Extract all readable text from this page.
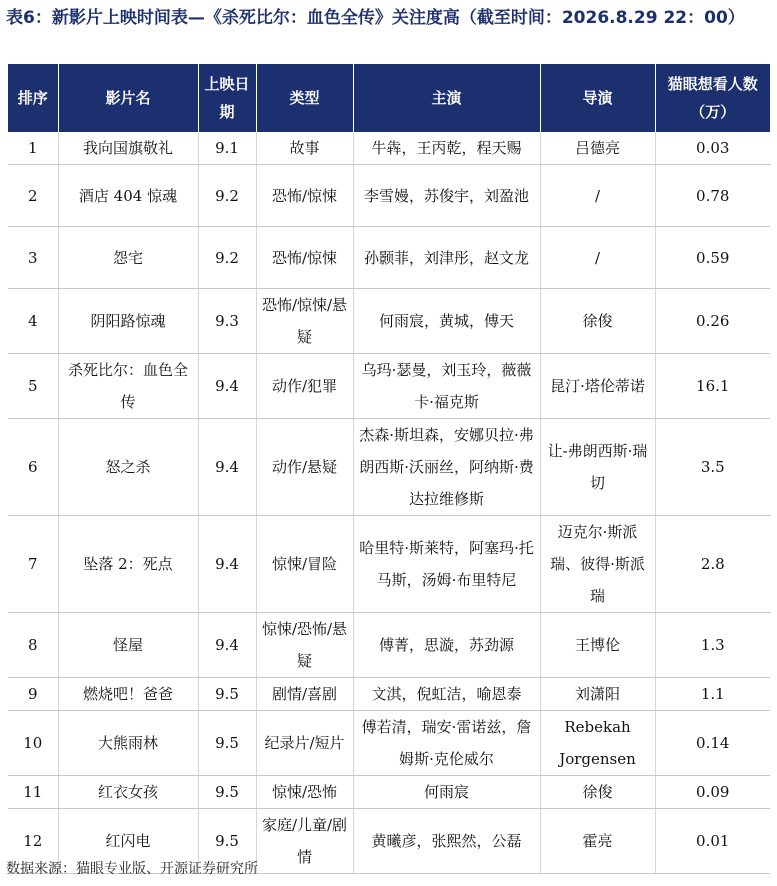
表6：新影片上映时间表—《杀死比尔：血色全传》关注度高（截至时间：2026.8.29 22：00）
排序	影片名	上映日期	类型	主演	导演	猫眼想看人数（万）
1	我向国旗敬礼	9.1	故事	牛犇，王丙乾，程天赐	吕德亮	0.03
2	酒店 404 惊魂	9.2	恐怖/惊悚	李雪嫚，苏俊宇，刘盈池	/	0.78
3	怨宅	9.2	恐怖/惊悚	孙颢菲，刘津彤，赵文龙	/	0.59
4	阴阳路惊魂	9.3	恐怖/惊悚/悬疑	何雨宸，黄城，傅天	徐俊	0.26
5	杀死比尔：血色全传	9.4	动作/犯罪	乌玛·瑟曼，刘玉玲，薇薇卡·福克斯	昆汀·塔伦蒂诺	16.1
6	怒之杀	9.4	动作/悬疑	杰森·斯坦森，安娜贝拉·弗朗西斯·沃丽丝，阿纳斯·费达拉维修斯	让-弗朗西斯·瑞切	3.5
7	坠落 2：死点	9.4	惊悚/冒险	哈里特·斯莱特，阿塞玛·托马斯，汤姆·布里特尼	迈克尔·斯派瑞、彼得·斯派瑞	2.8
8	怪屋	9.4	惊悚/恐怖/悬疑	傅菁，思漩，苏劲源	王博伦	1.3
9	燃烧吧！爸爸	9.5	剧情/喜剧	文淇，倪虹洁，喻恩泰	刘潇阳	1.1
10	大熊雨林	9.5	纪录片/短片	傅若清，瑞安·雷诺兹，詹姆斯·克伦威尔	Rebekah Jorgensen	0.14
11	红衣女孩	9.5	惊悚/恐怖	何雨宸	徐俊	0.09
12	红闪电	9.5	家庭/儿童/剧情	黄曦彦，张熙然，公磊	霍亮	0.01
数据来源：猫眼专业版、开源证券研究所
